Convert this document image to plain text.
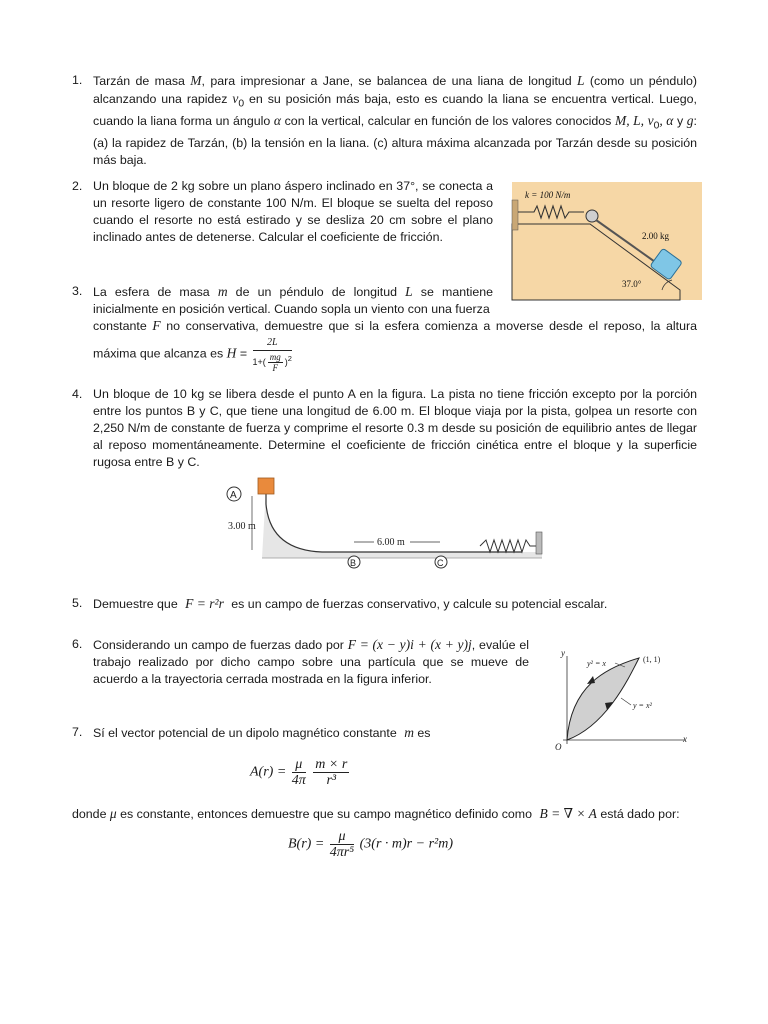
1. Tarzán de masa M, para impresionar a Jane, se balancea de una liana de longitud L (como un péndulo) alcanzando una rapidez $v_0$ en su posición más baja, esto es cuando la liana se encuentra vertical. Luego, cuando la liana forma un ángulo α con la vertical, calcular en función de los valores conocidos M, L, $v_0$, α y g: (a) la rapidez de Tarzán, (b) la tensión en la liana. (c) altura máxima alcanzada por Tarzán desde su posición más baja.
2. Un bloque de 2 kg sobre un plano áspero inclinado en 37°, se conecta a un resorte ligero de constante 100 N/m. El bloque se suelta del reposo cuando el resorte no está estirado y se desliza 20 cm sobre el plano inclinado antes de detenerse. Calcular el coeficiente de fricción.
k = 100 N/m
2.00 kg
37.0°
3. La esfera de masa m de un péndulo de longitud L se mantiene inicialmente en posición vertical. Cuando sopla un viento con una fuerza
constante F no conservativa, demuestre que si la esfera comienza a moverse desde el reposo, la altura máxima que alcanza es H =
2L
$1+( \frac{mg}{F} )^2$
4. Un bloque de 10 kg se libera desde el punto A en la figura. La pista no tiene fricción excepto por la porción entre los puntos B y C, que tiene una longitud de 6.00 m. El bloque viaja por la pista, golpea un resorte con 2,250 N/m de constante de fuerza y comprime el resorte 0.3 m desde su posición de equilibrio antes de llegar al reposo momentáneamente. Determine el coeficiente de fricción cinética entre el bloque y la superficie rugosa entre B y C.
A
3.00 m
6.00 m
B	C
5. Demuestre que F = r²r es un campo de fuerzas conservativo, y calcule su potencial escalar.
6. Considerando un campo de fuerzas dado por F = (x − y)i + (x + y)j, evalúe el trabajo realizado por dicho campo sobre una partícula que se mueve de acuerdo a la trayectoria cerrada mostrada en la figura inferior.
y
x
O
(1, 1)
y² = x
y = x²
7. Sí el vector potencial de un dipolo magnético constante m es
$A(r) = \frac{\mu}{4\pi}$
$\frac{m \times r}{\text{r³}}$
donde μ es constante, entonces demuestre que su campo magnético definido como B = ∇ × A está dado por:
$B(r) = \frac{\mu}{\text{4πr⁵}} (3(r \cdot m)r - r^2m)$
